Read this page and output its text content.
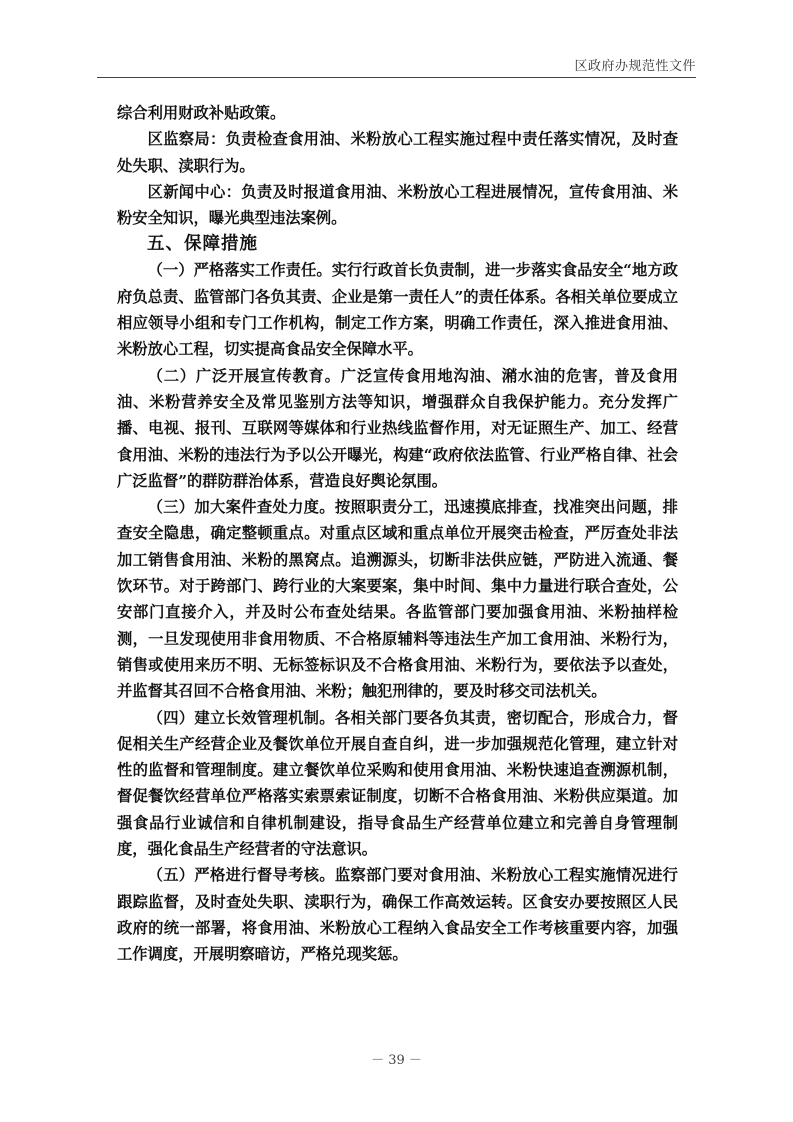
区政府办规范性文件

综合利用财政补贴政策。

区监察局：负责检查食用油、米粉放心工程实施过程中责任落实情况，及时查处失职、渎职行为。

区新闻中心：负责及时报道食用油、米粉放心工程进展情况，宣传食用油、米粉安全知识，曝光典型违法案例。

五、保障措施

（一）严格落实工作责任。实行行政首长负责制，进一步落实食品安全“地方政府负总责、监管部门各负其责、企业是第一责任人”的责任体系。各相关单位要成立相应领导小组和专门工作机构，制定工作方案，明确工作责任，深入推进食用油、米粉放心工程，切实提高食品安全保障水平。

（二）广泛开展宣传教育。广泛宣传食用地沟油、潲水油的危害，普及食用油、米粉营养安全及常见鉴别方法等知识，增强群众自我保护能力。充分发挥广播、电视、报刊、互联网等媒体和行业热线监督作用，对无证照生产、加工、经营食用油、米粉的违法行为予以公开曝光，构建“政府依法监管、行业严格自律、社会广泛监督”的群防群治体系，营造良好舆论氛围。

（三）加大案件查处力度。按照职责分工，迅速摸底排查，找准突出问题，排查安全隐患，确定整顿重点。对重点区域和重点单位开展突击检查，严厉查处非法加工销售食用油、米粉的黑窝点。追溯源头，切断非法供应链，严防进入流通、餐饮环节。对于跨部门、跨行业的大案要案，集中时间、集中力量进行联合查处，公安部门直接介入，并及时公布查处结果。各监管部门要加强食用油、米粉抽样检测，一旦发现使用非食用物质、不合格原辅料等违法生产加工食用油、米粉行为，销售或使用来历不明、无标签标识及不合格食用油、米粉行为，要依法予以查处，并监督其召回不合格食用油、米粉；触犯刑律的，要及时移交司法机关。

（四）建立长效管理机制。各相关部门要各负其责，密切配合，形成合力，督促相关生产经营企业及餐饮单位开展自查自纠，进一步加强规范化管理，建立针对性的监督和管理制度。建立餐饮单位采购和使用食用油、米粉快速追查溯源机制，督促餐饮经营单位严格落实索票索证制度，切断不合格食用油、米粉供应渠道。加强食品行业诚信和自律机制建设，指导食品生产经营单位建立和完善自身管理制度，强化食品生产经营者的守法意识。

（五）严格进行督导考核。监察部门要对食用油、米粉放心工程实施情况进行跟踪监督，及时查处失职、渎职行为，确保工作高效运转。区食安办要按照区人民政府的统一部署，将食用油、米粉放心工程纳入食品安全工作考核重要内容，加强工作调度，开展明察暗访，严格兑现奖惩。

－ 39 －
